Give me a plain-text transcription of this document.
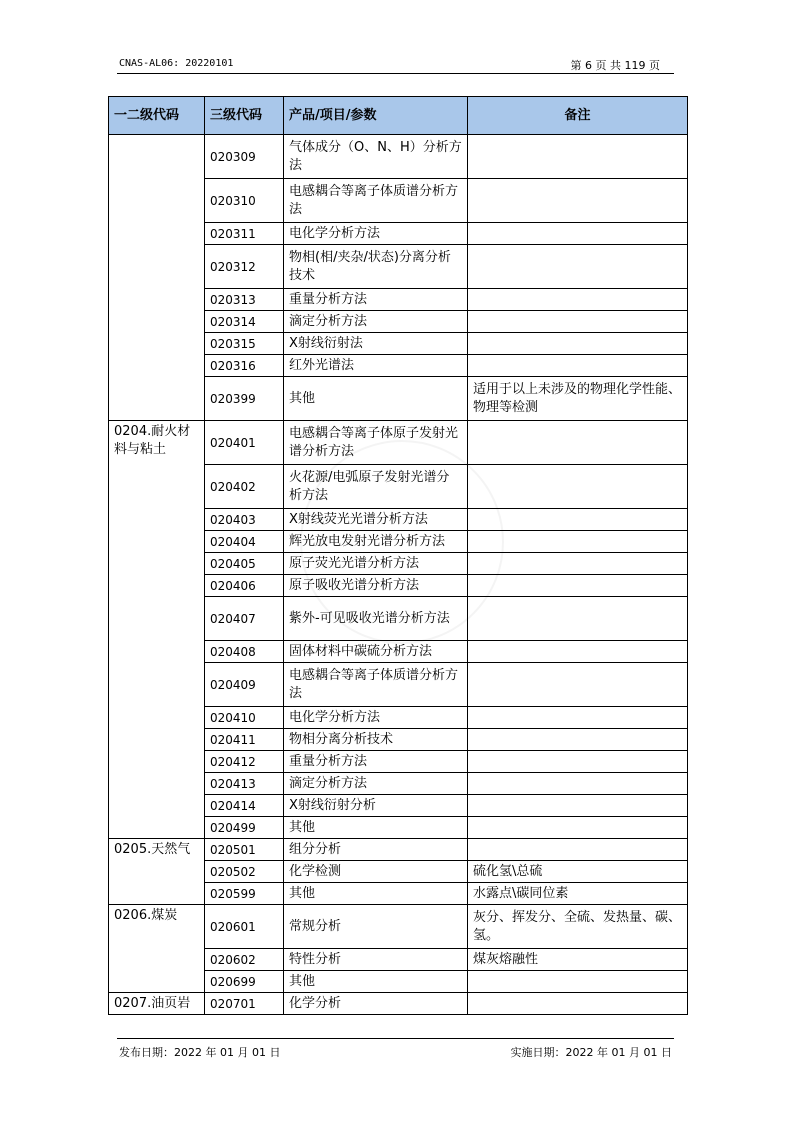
CNAS-AL06: 20220101	第 6 页 共 119 页
一二级代码	三级代码	产品/项目/参数	备注
	020309	气体成分（O、N、H）分析方法	
	020310	电感耦合等离子体质谱分析方法	
	020311	电化学分析方法	
	020312	物相(相/夹杂/状态)分离分析技术	
	020313	重量分析方法	
	020314	滴定分析方法	
	020315	X射线衍射法	
	020316	红外光谱法	
	020399	其他	适用于以上未涉及的物理化学性能、物理等检测
0204.耐火材料与粘土	020401	电感耦合等离子体原子发射光谱分析方法	
	020402	火花源/电弧原子发射光谱分析方法	
	020403	X射线荧光光谱分析方法	
	020404	辉光放电发射光谱分析方法	
	020405	原子荧光光谱分析方法	
	020406	原子吸收光谱分析方法	
	020407	紫外-可见吸收光谱分析方法	
	020408	固体材料中碳硫分析方法	
	020409	电感耦合等离子体质谱分析方法	
	020410	电化学分析方法	
	020411	物相分离分析技术	
	020412	重量分析方法	
	020413	滴定分析方法	
	020414	X射线衍射分析	
	020499	其他	
0205.天然气	020501	组分分析	
	020502	化学检测	硫化氢\总硫
	020599	其他	水露点\碳同位素
0206.煤炭	020601	常规分析	灰分、挥发分、全硫、发热量、碳、氢。
	020602	特性分析	煤灰熔融性
	020699	其他	
0207.油页岩	020701	化学分析	
发布日期：2022 年 01 月 01 日	实施日期：2022 年 01 月 01 日
